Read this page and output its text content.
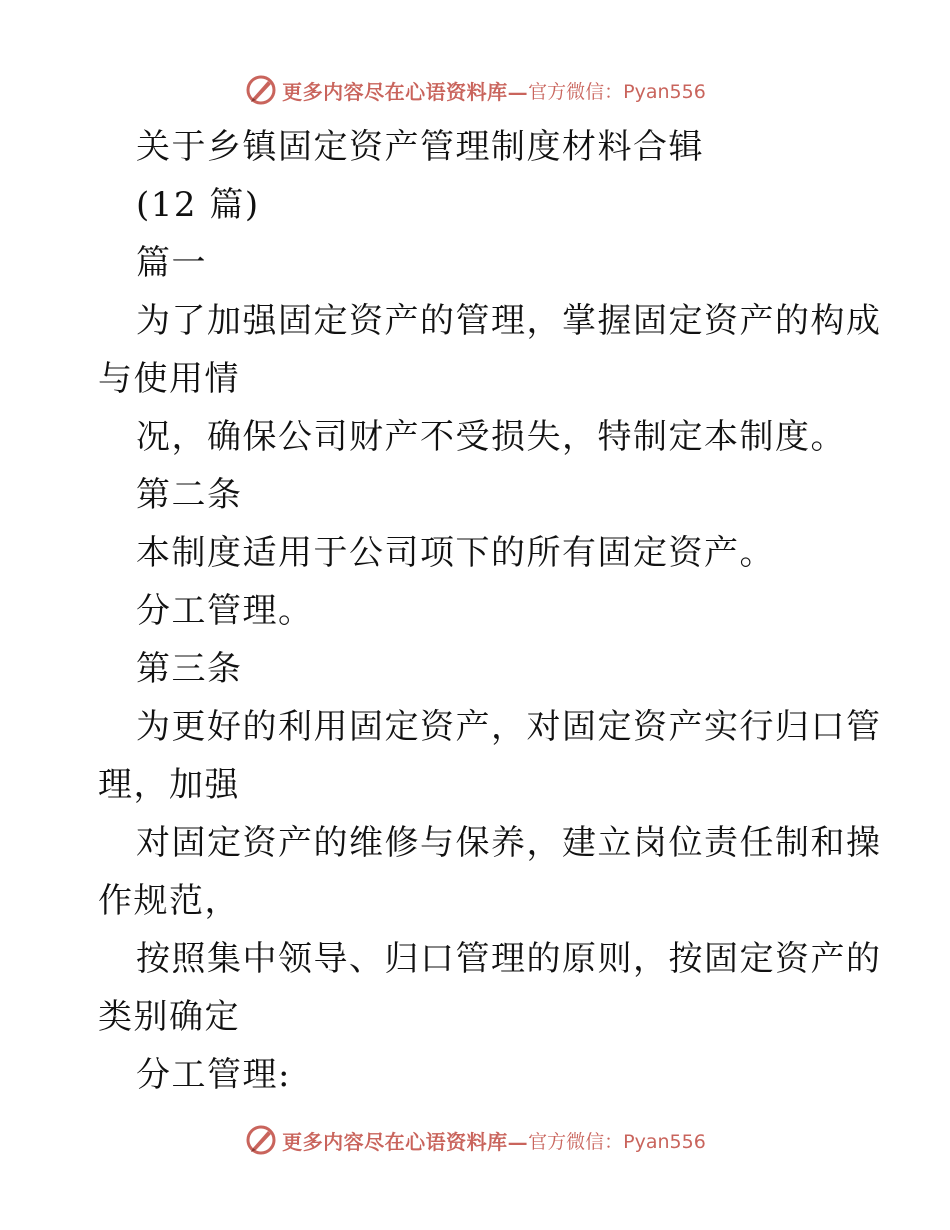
更多内容尽在心语资料库— 官方微信：Pyan556
关于乡镇固定资产管理制度材料合辑
(12 篇)
篇一
为了加强固定资产的管理，掌握固定资产的构成
与使用情
况，确保公司财产不受损失，特制定本制度。
第二条
本制度适用于公司项下的所有固定资产。
分工管理。
第三条
为更好的利用固定资产，对固定资产实行归口管
理，加强
对固定资产的维修与保养，建立岗位责任制和操
作规范，
按照集中领导、归口管理的原则，按固定资产的
类别确定
分工管理:
更多内容尽在心语资料库— 官方微信：Pyan556
